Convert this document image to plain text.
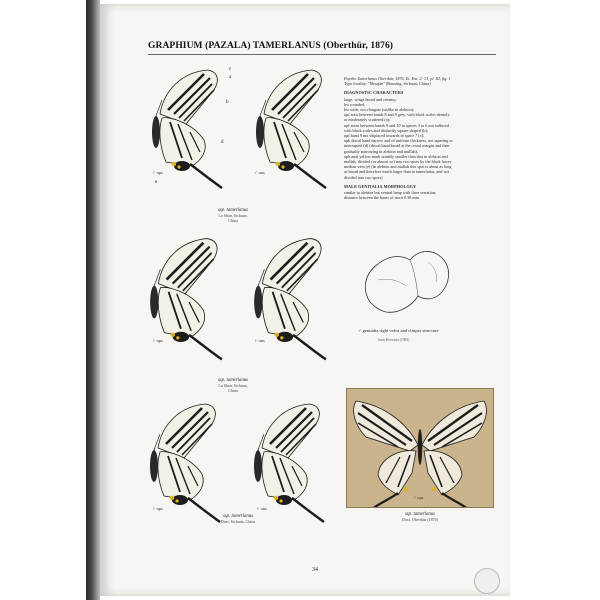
GRAPHIUM (PAZALA) TAMERLANUS (Oberthür, 1876)
c
a
b
d
e
♂ ups	♂ uns
ssp. tamerlanus
Lo Shan, Sichuan,
China
♀ ups	♀ uns
ssp. tamerlanus
Lu Shan, Sichuan,
China
♀ ups	♀ uns
ssp. tamerlanus
Daxi, Sichuan, China

Papilio Tamerlanus Oberthür, 1876, Et. Ent. 2: 13, pl. III, fig. 1

Type locality: "Moupin" [Baoxing, Sichuan, China]

DIAGNOSTIC CHARACTERS

large, wings broad and creamy;

hw rounded;

hw wide, not elongate (unlike in alebion);

upf area between bands 8 and 9 grey, with black scales densely

or moderately scattered (a);

upf areas between bands 9 and 10 in spaces 3 to 6 not suffused

with black scales and distinctly square shaped (b);

upf band 9 not displaced inwards in space 7 (c);

uph discal band narrow and of uniform thickness, not tapering or

interrupted (d) (discal band broad at the costal margin and then

gradually narrowing in alebion and mullah);

uph anal yellow mark notably smaller than that in alebion and

mullah, divided (or almost so) into two spots by the black lower

median vein (e) (in alebion and mullah this spot is about as long

as broad and therefore much larger than in tamerlanus, and not

divided into two spots)

MALE GENITALIA MORPHOLOGY

similar to alebion but ventral lamp with finer serration;

distance between the bases of uncii 0.38 mm

♂ genitalia right valva and clasper structure
from Koiwaya (1993)
♂ ups
ssp. tamerlanus
Daxi, Oberthür (1876)
34
